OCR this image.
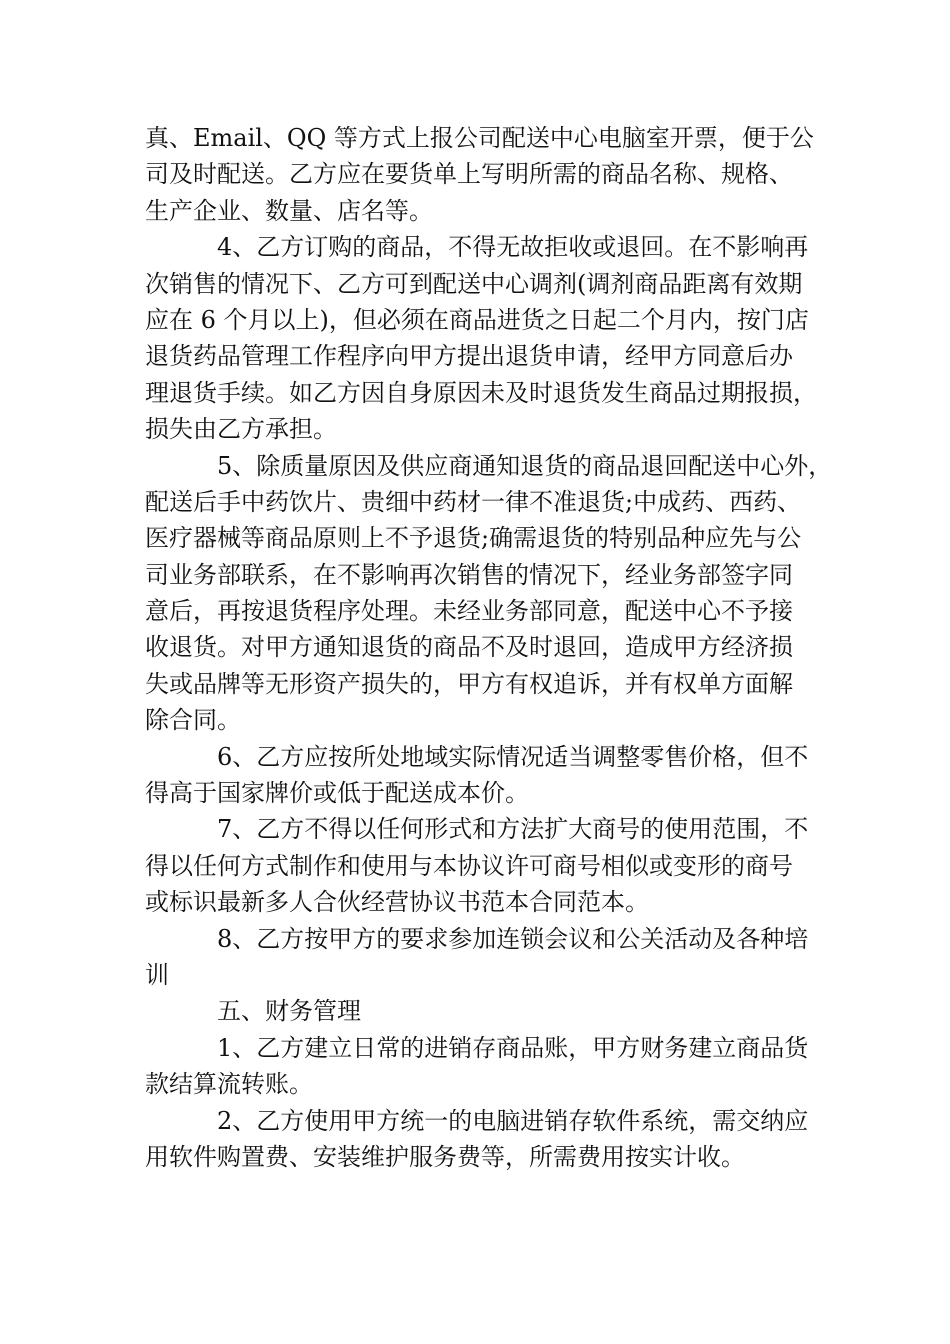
真、Email、QQ 等方式上报公司配送中心电脑室开票，便于公
司及时配送。乙方应在要货单上写明所需的商品名称、规格、
生产企业、数量、店名等。
4、乙方订购的商品，不得无故拒收或退回。在不影响再
次销售的情况下、乙方可到配送中心调剂(调剂商品距离有效期
应在 6 个月以上)，但必须在商品进货之日起二个月内，按门店
退货药品管理工作程序向甲方提出退货申请，经甲方同意后办
理退货手续。如乙方因自身原因未及时退货发生商品过期报损，
损失由乙方承担。
5、除质量原因及供应商通知退货的商品退回配送中心外，
配送后手中药饮片、贵细中药材一律不准退货;中成药、西药、
医疗器械等商品原则上不予退货;确需退货的特别品种应先与公
司业务部联系，在不影响再次销售的情况下，经业务部签字同
意后，再按退货程序处理。未经业务部同意，配送中心不予接
收退货。对甲方通知退货的商品不及时退回，造成甲方经济损
失或品牌等无形资产损失的，甲方有权追诉，并有权单方面解
除合同。
6、乙方应按所处地域实际情况适当调整零售价格，但不
得高于国家牌价或低于配送成本价。
7、乙方不得以任何形式和方法扩大商号的使用范围，不
得以任何方式制作和使用与本协议许可商号相似或变形的商号
或标识最新多人合伙经营协议书范本合同范本。
8、乙方按甲方的要求参加连锁会议和公关活动及各种培
训
五、财务管理
1、乙方建立日常的进销存商品账，甲方财务建立商品货
款结算流转账。
2、乙方使用甲方统一的电脑进销存软件系统，需交纳应
用软件购置费、安装维护服务费等，所需费用按实计收。
